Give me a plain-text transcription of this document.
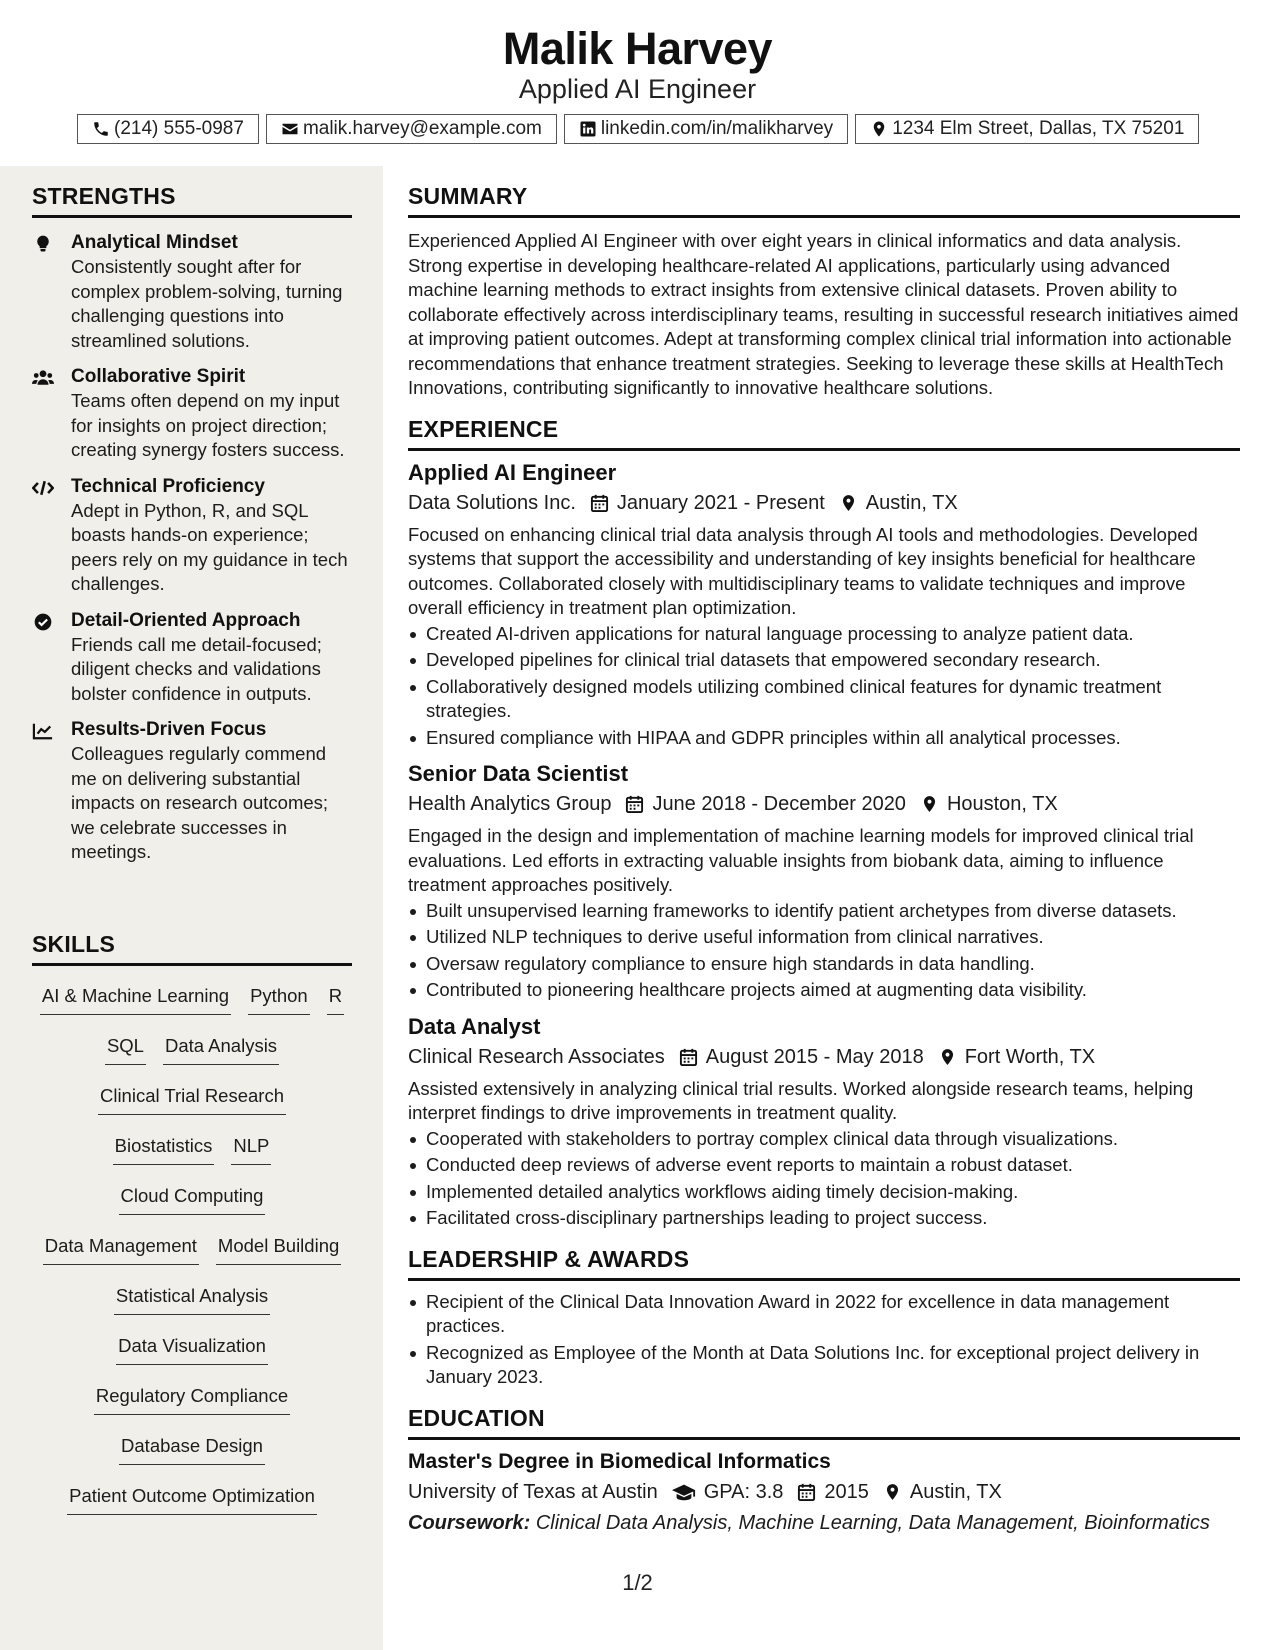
Malik Harvey
Applied AI Engineer
(214) 555-0987	malik.harvey@example.com	linkedin.com/in/malikharvey	1234 Elm Street, Dallas, TX 75201
STRENGTHS
Analytical Mindset
Consistently sought after for complex problem-solving, turning challenging questions into streamlined solutions.
Collaborative Spirit
Teams often depend on my input for insights on project direction; creating synergy fosters success.
Technical Proficiency
Adept in Python, R, and SQL boasts hands-on experience; peers rely on my guidance in tech challenges.
Detail-Oriented Approach
Friends call me detail-focused; diligent checks and validations bolster confidence in outputs.
Results-Driven Focus
Colleagues regularly commend me on delivering substantial impacts on research outcomes; we celebrate successes in meetings.
SKILLS
AI & Machine Learning Python R
SQL Data Analysis
Clinical Trial Research
Biostatistics NLP
Cloud Computing
Data Management Model Building
Statistical Analysis
Data Visualization
Regulatory Compliance
Database Design
Patient Outcome Optimization
SUMMARY
Experienced Applied AI Engineer with over eight years in clinical informatics and data analysis. Strong expertise in developing healthcare-related AI applications, particularly using advanced machine learning methods to extract insights from extensive clinical datasets. Proven ability to collaborate effectively across interdisciplinary teams, resulting in successful research initiatives aimed at improving patient outcomes. Adept at transforming complex clinical trial information into actionable recommendations that enhance treatment strategies. Seeking to leverage these skills at HealthTech Innovations, contributing significantly to innovative healthcare solutions.
EXPERIENCE
Applied AI Engineer
Data Solutions Inc. January 2021 - Present Austin, TX
Focused on enhancing clinical trial data analysis through AI tools and methodologies. Developed systems that support the accessibility and understanding of key insights beneficial for healthcare outcomes. Collaborated closely with multidisciplinary teams to validate techniques and improve overall efficiency in treatment plan optimization.
Created AI-driven applications for natural language processing to analyze patient data.
Developed pipelines for clinical trial datasets that empowered secondary research.
Collaboratively designed models utilizing combined clinical features for dynamic treatment strategies.
Ensured compliance with HIPAA and GDPR principles within all analytical processes.
Senior Data Scientist
Health Analytics Group June 2018 - December 2020 Houston, TX
Engaged in the design and implementation of machine learning models for improved clinical trial evaluations. Led efforts in extracting valuable insights from biobank data, aiming to influence treatment approaches positively.
Built unsupervised learning frameworks to identify patient archetypes from diverse datasets.
Utilized NLP techniques to derive useful information from clinical narratives.
Oversaw regulatory compliance to ensure high standards in data handling.
Contributed to pioneering healthcare projects aimed at augmenting data visibility.
Data Analyst
Clinical Research Associates August 2015 - May 2018 Fort Worth, TX
Assisted extensively in analyzing clinical trial results. Worked alongside research teams, helping interpret findings to drive improvements in treatment quality.
Cooperated with stakeholders to portray complex clinical data through visualizations.
Conducted deep reviews of adverse event reports to maintain a robust dataset.
Implemented detailed analytics workflows aiding timely decision-making.
Facilitated cross-disciplinary partnerships leading to project success.
LEADERSHIP & AWARDS
Recipient of the Clinical Data Innovation Award in 2022 for excellence in data management practices.
Recognized as Employee of the Month at Data Solutions Inc. for exceptional project delivery in January 2023.
EDUCATION
Master's Degree in Biomedical Informatics
University of Texas at Austin GPA: 3.8 2015 Austin, TX
Coursework: Clinical Data Analysis, Machine Learning, Data Management, Bioinformatics
1/2
